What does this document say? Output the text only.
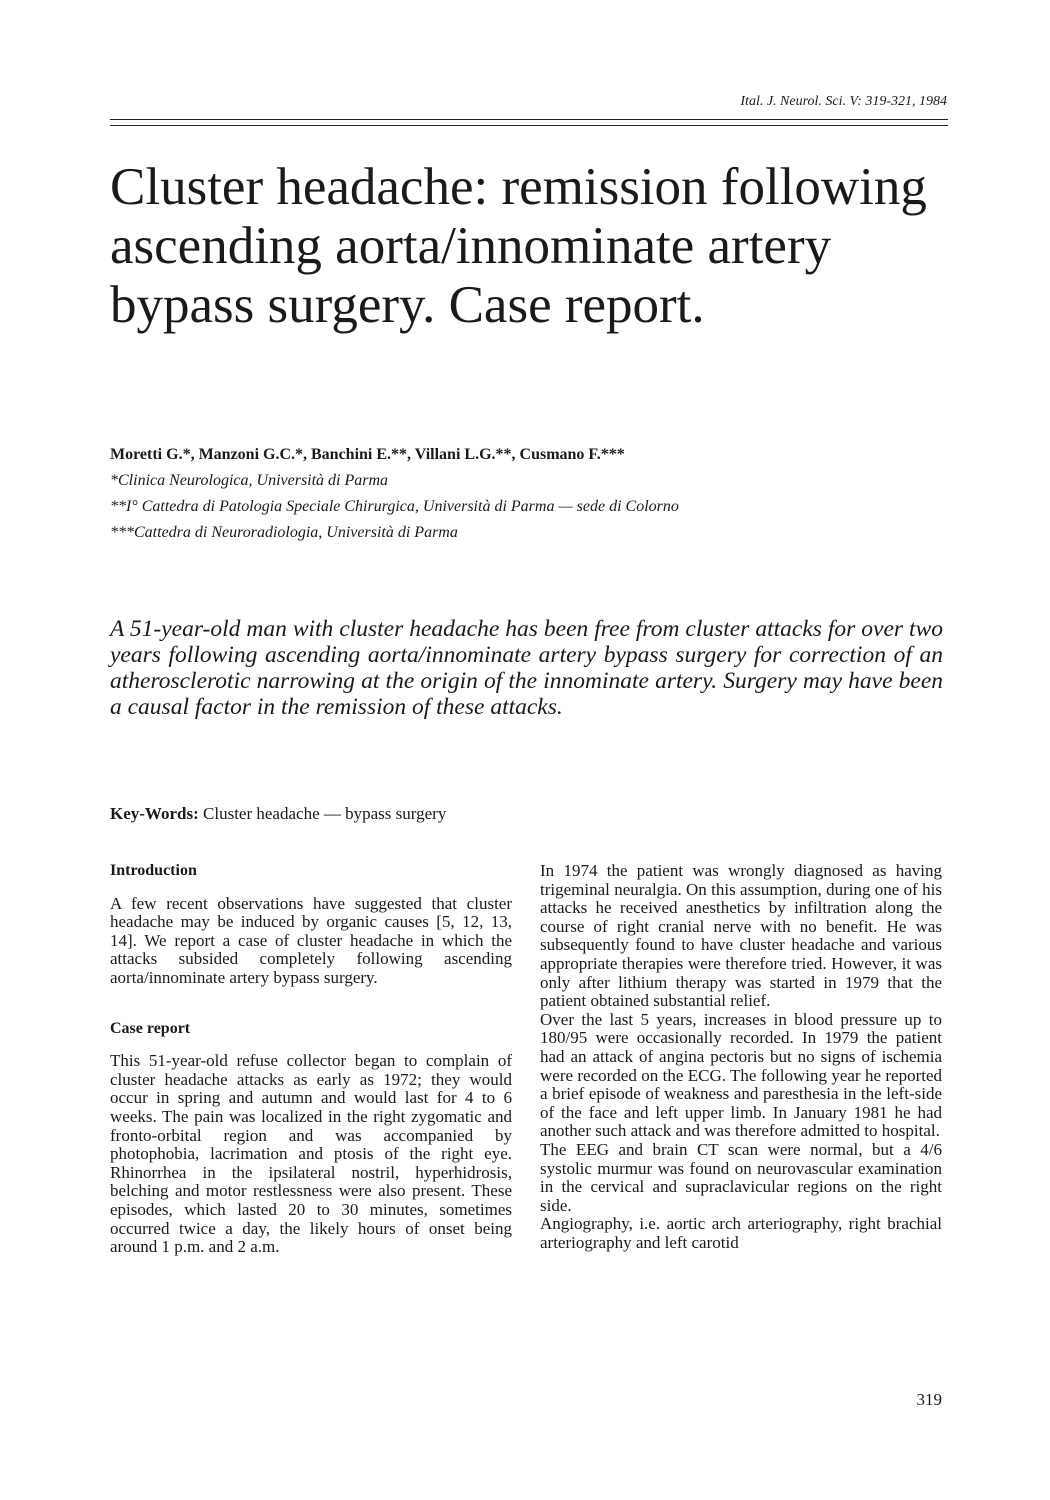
Ital. J. Neurol. Sci. V: 319-321, 1984
Cluster headache: remission following ascending aorta/innominate artery bypass surgery. Case report.
Moretti G.*, Manzoni G.C.*, Banchini E.**, Villani L.G.**, Cusmano F.***
*Clinica Neurologica, Università di Parma
**I° Cattedra di Patologia Speciale Chirurgica, Università di Parma — sede di Colorno
***Cattedra di Neuroradiologia, Università di Parma

A 51-year-old man with cluster headache has been free from cluster attacks for over two years following ascending aorta/innominate artery bypass surgery for correction of an atherosclerotic narrowing at the origin of the innominate artery. Surgery may have been a causal factor in the remission of these attacks.

Key-Words: Cluster headache — bypass surgery
Introduction

A few recent observations have suggested that cluster headache may be induced by organic causes [5, 12, 13, 14]. We report a case of cluster headache in which the attacks subsided completely following ascending aorta/innominate artery bypass surgery.

Case report

This 51-year-old refuse collector began to complain of cluster headache attacks as early as 1972; they would occur in spring and autumn and would last for 4 to 6 weeks. The pain was localized in the right zygomatic and fronto-orbital region and was accompanied by photophobia, lacrimation and ptosis of the right eye. Rhinorrhea in the ipsilateral nostril, hyperhidrosis, belching and motor restlessness were also present. These episodes, which lasted 20 to 30 minutes, sometimes occurred twice a day, the likely hours of onset being around 1 p.m. and 2 a.m.

In 1974 the patient was wrongly diagnosed as having trigeminal neuralgia. On this assumption, during one of his attacks he received anesthetics by infiltration along the course of right cranial nerve with no benefit. He was subsequently found to have cluster headache and various appropriate therapies were therefore tried. However, it was only after lithium therapy was started in 1979 that the patient obtained substantial relief.

Over the last 5 years, increases in blood pressure up to 180/95 were occasionally recorded. In 1979 the patient had an attack of angina pectoris but no signs of ischemia were recorded on the ECG. The following year he reported a brief episode of weakness and paresthesia in the left-side of the face and left upper limb. In January 1981 he had another such attack and was therefore admitted to hospital.

The EEG and brain CT scan were normal, but a 4/6 systolic murmur was found on neurovascular examination in the cervical and supraclavicular regions on the right side.

Angiography, i.e. aortic arch arteriography, right brachial arteriography and left carotid

319
